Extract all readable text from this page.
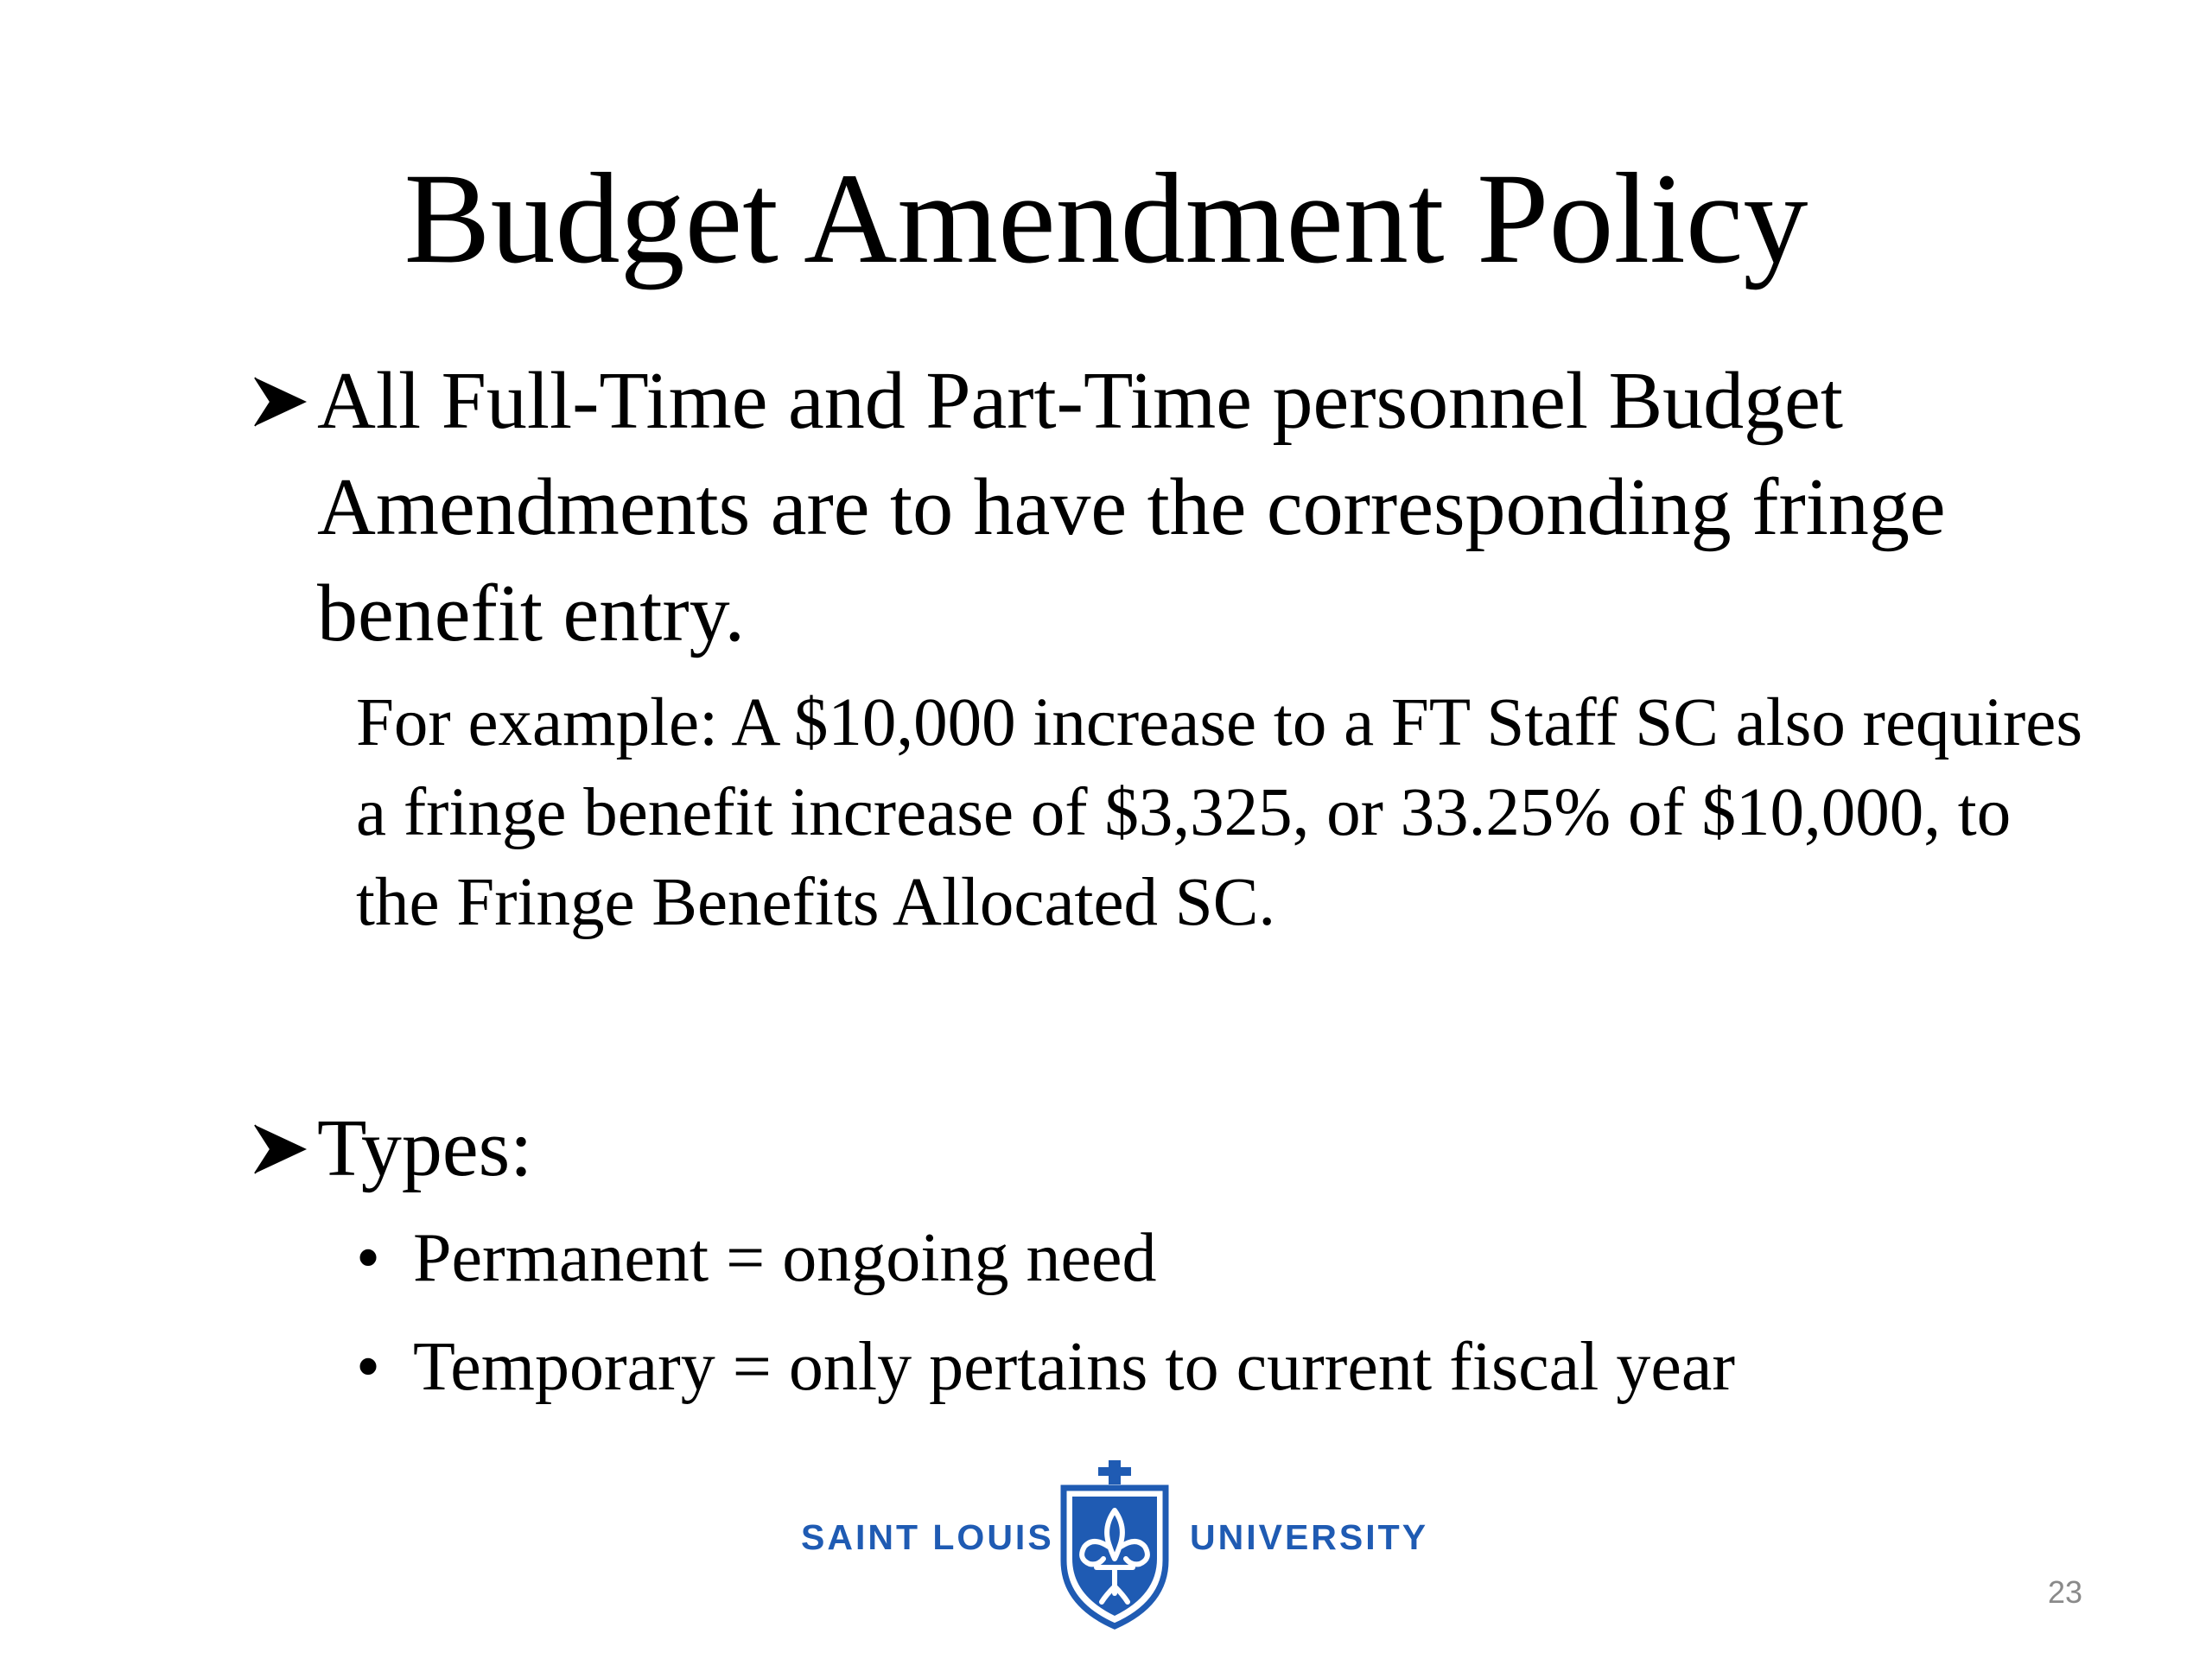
Budget Amendment Policy
All Full-Time and Part-Time personnel Budget Amendments are to have the corresponding fringe benefit entry.
For example: A $10,000 increase to a FT Staff SC also requires a fringe benefit increase of $3,325, or 33.25% of $10,000, to the Fringe Benefits Allocated SC.
Types:
• Permanent = ongoing need
• Temporary = only pertains to current fiscal year
SAINT LOUIS	UNIVERSITY
23
